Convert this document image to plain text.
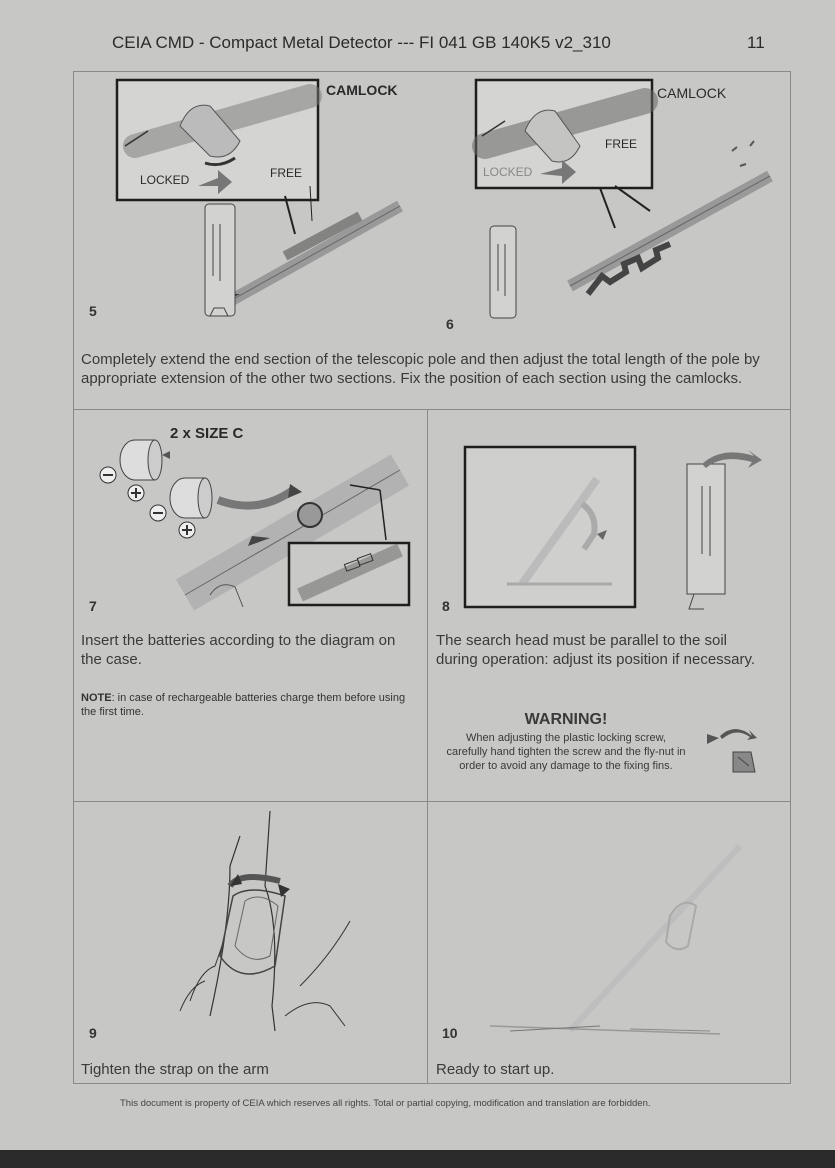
CEIA CMD - Compact Metal Detector --- FI 041 GB 140K5 v2_310	11
CAMLOCK
LOCKED	FREE
5
CAMLOCK
LOCKED
FREE
6
Completely extend the end section of the telescopic pole and then adjust the total length of the pole by appropriate extension of the other two sections. Fix the position of each section using the camlocks.
2 x SIZE C
7
Insert the batteries according to the diagram on the case.
NOTE: in case of rechargeable batteries charge them before using the first time.
8
The search head must be parallel to the soil during operation: adjust its position if necessary.
WARNING!
When adjusting the plastic locking screw, carefully hand tighten the screw and the fly-nut in order to avoid any damage to the fixing fins.
9
Tighten the strap on the arm
10
Ready to start up.
This document is property of CEIA which reserves all rights. Total or partial copying, modification and translation are forbidden.
